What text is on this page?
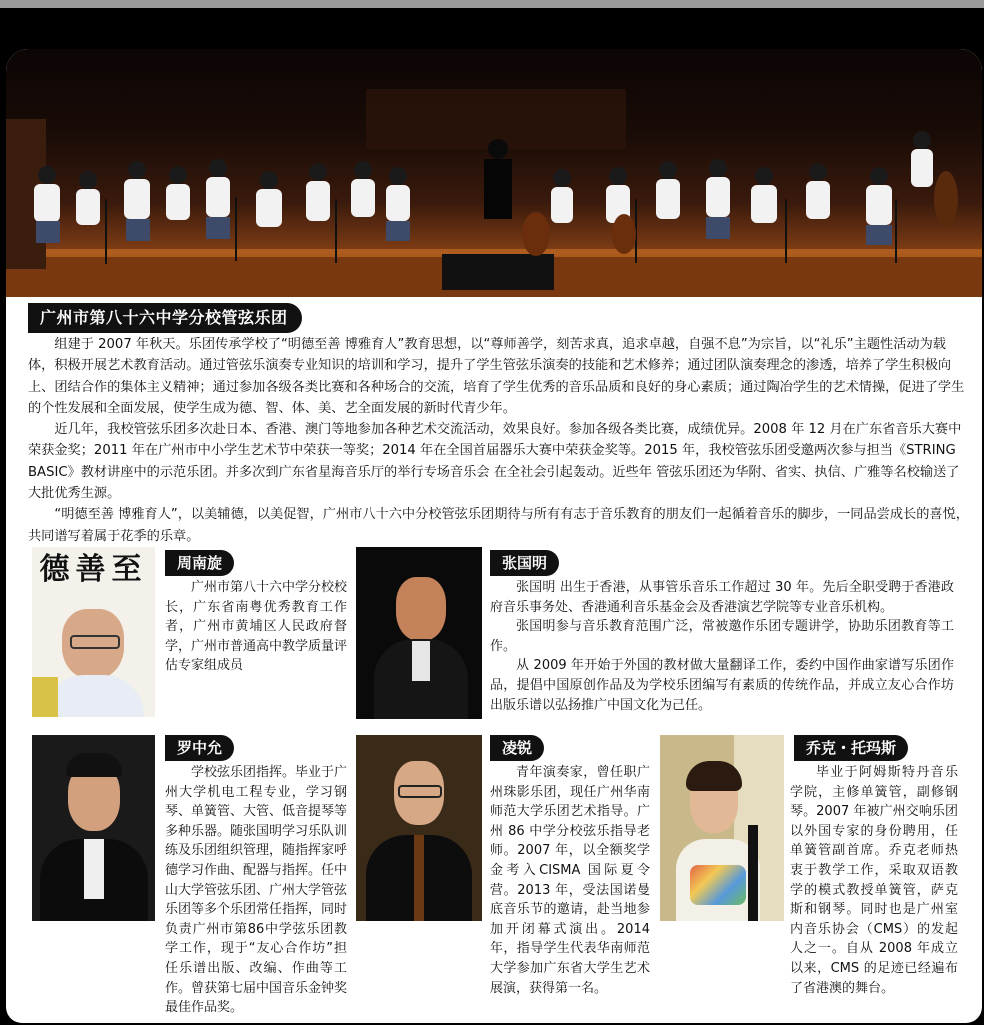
广州市第八十六中学分校管弦乐团

组建于 2007 年秋天。乐团传承学校了“明德至善 博雅育人”教育思想，以“尊师善学，刻苦求真，追求卓越，自强不息”为宗旨，以“礼乐”主题性活动为载体，积极开展艺术教育活动。通过管弦乐演奏专业知识的培训和学习，提升了学生管弦乐演奏的技能和艺术修养；通过团队演奏理念的渗透，培养了学生积极向上、团结合作的集体主义精神；通过参加各级各类比赛和各种场合的交流，培育了学生优秀的音乐品质和良好的身心素质；通过陶冶学生的艺术情操，促进了学生的个性发展和全面发展，使学生成为德、智、体、美、艺全面发展的新时代青少年。

近几年，我校管弦乐团多次赴日本、香港、澳门等地参加各种艺术交流活动，效果良好。参加各级各类比赛，成绩优异。2008 年 12 月在广东省音乐大赛中荣获金奖；2011 年在广州市中小学生艺术节中荣获一等奖；2014 年在全国首届器乐大赛中荣获金奖等。2015 年，我校管弦乐团受邀两次参与担当《STRING BASIC》教材讲座中的示范乐团。并多次到广东省星海音乐厅的举行专场音乐会 在全社会引起轰动。近些年 管弦乐团还为华附、省实、执信、广雅等名校输送了大批优秀生源。

“明德至善 博雅育人”，以美辅德，以美促智，广州市八十六中分校管弦乐团期待与所有有志于音乐教育的朋友们一起循着音乐的脚步，一同品尝成长的喜悦，共同谱写着属于花季的乐章。

德善至	周南旋

广州市第八十六中学分校校长，广东省南粤优秀教育工作者，广州市黄埔区人民政府督学，广州市普通高中教学质量评估专家组成员

张国明

张国明 出生于香港，从事管乐音乐工作超过 30 年。先后全职受聘于香港政府音乐事务处、香港通利音乐基金会及香港演艺学院等专业音乐机构。

张国明参与音乐教育范围广泛，常被邀作乐团专题讲学，协助乐团教育等工作。

从 2009 年开始于外国的教材做大量翻译工作，委约中国作曲家谱写乐团作品，提倡中国原创作品及为学校乐团编写有素质的传统作品，并成立友心合作坊出版乐谱以弘扬推广中国文化为己任。

罗中允

学校弦乐团指挥。毕业于广州大学机电工程专业，学习钢琴、单簧管、大管、低音提琴等多种乐器。随张国明学习乐队训练及乐团组织管理，随指挥家呼德学习作曲、配器与指挥。任中山大学管弦乐团、广州大学管弦乐团等多个乐团常任指挥，同时负责广州市第86中学弦乐团教学工作，现于“友心合作坊”担任乐谱出版、改编、作曲等工作。曾获第七届中国音乐金钟奖最佳作品奖。

凌锐

青年演奏家，曾任职广州珠影乐团，现任广州华南师范大学乐团艺术指导。广州 86 中学分校弦乐指导老师。2007 年，以全额奖学金考入CISMA 国际夏令营。2013 年，受法国诺曼底音乐节的邀请，赴当地参加开闭幕式演出。2014年，指导学生代表华南师范大学参加广东省大学生艺术展演，获得第一名。

乔克・托玛斯

毕业于阿姆斯特丹音乐学院，主修单簧管，副修钢琴。2007 年被广州交响乐团以外国专家的身份聘用，任单簧管副首席。乔克老师热衷于教学工作，采取双语教学的模式教授单簧管，萨克斯和钢琴。同时也是广州室内音乐协会（CMS）的发起人之一。自从 2008 年成立以来，CMS 的足迹已经遍布了省港澳的舞台。
